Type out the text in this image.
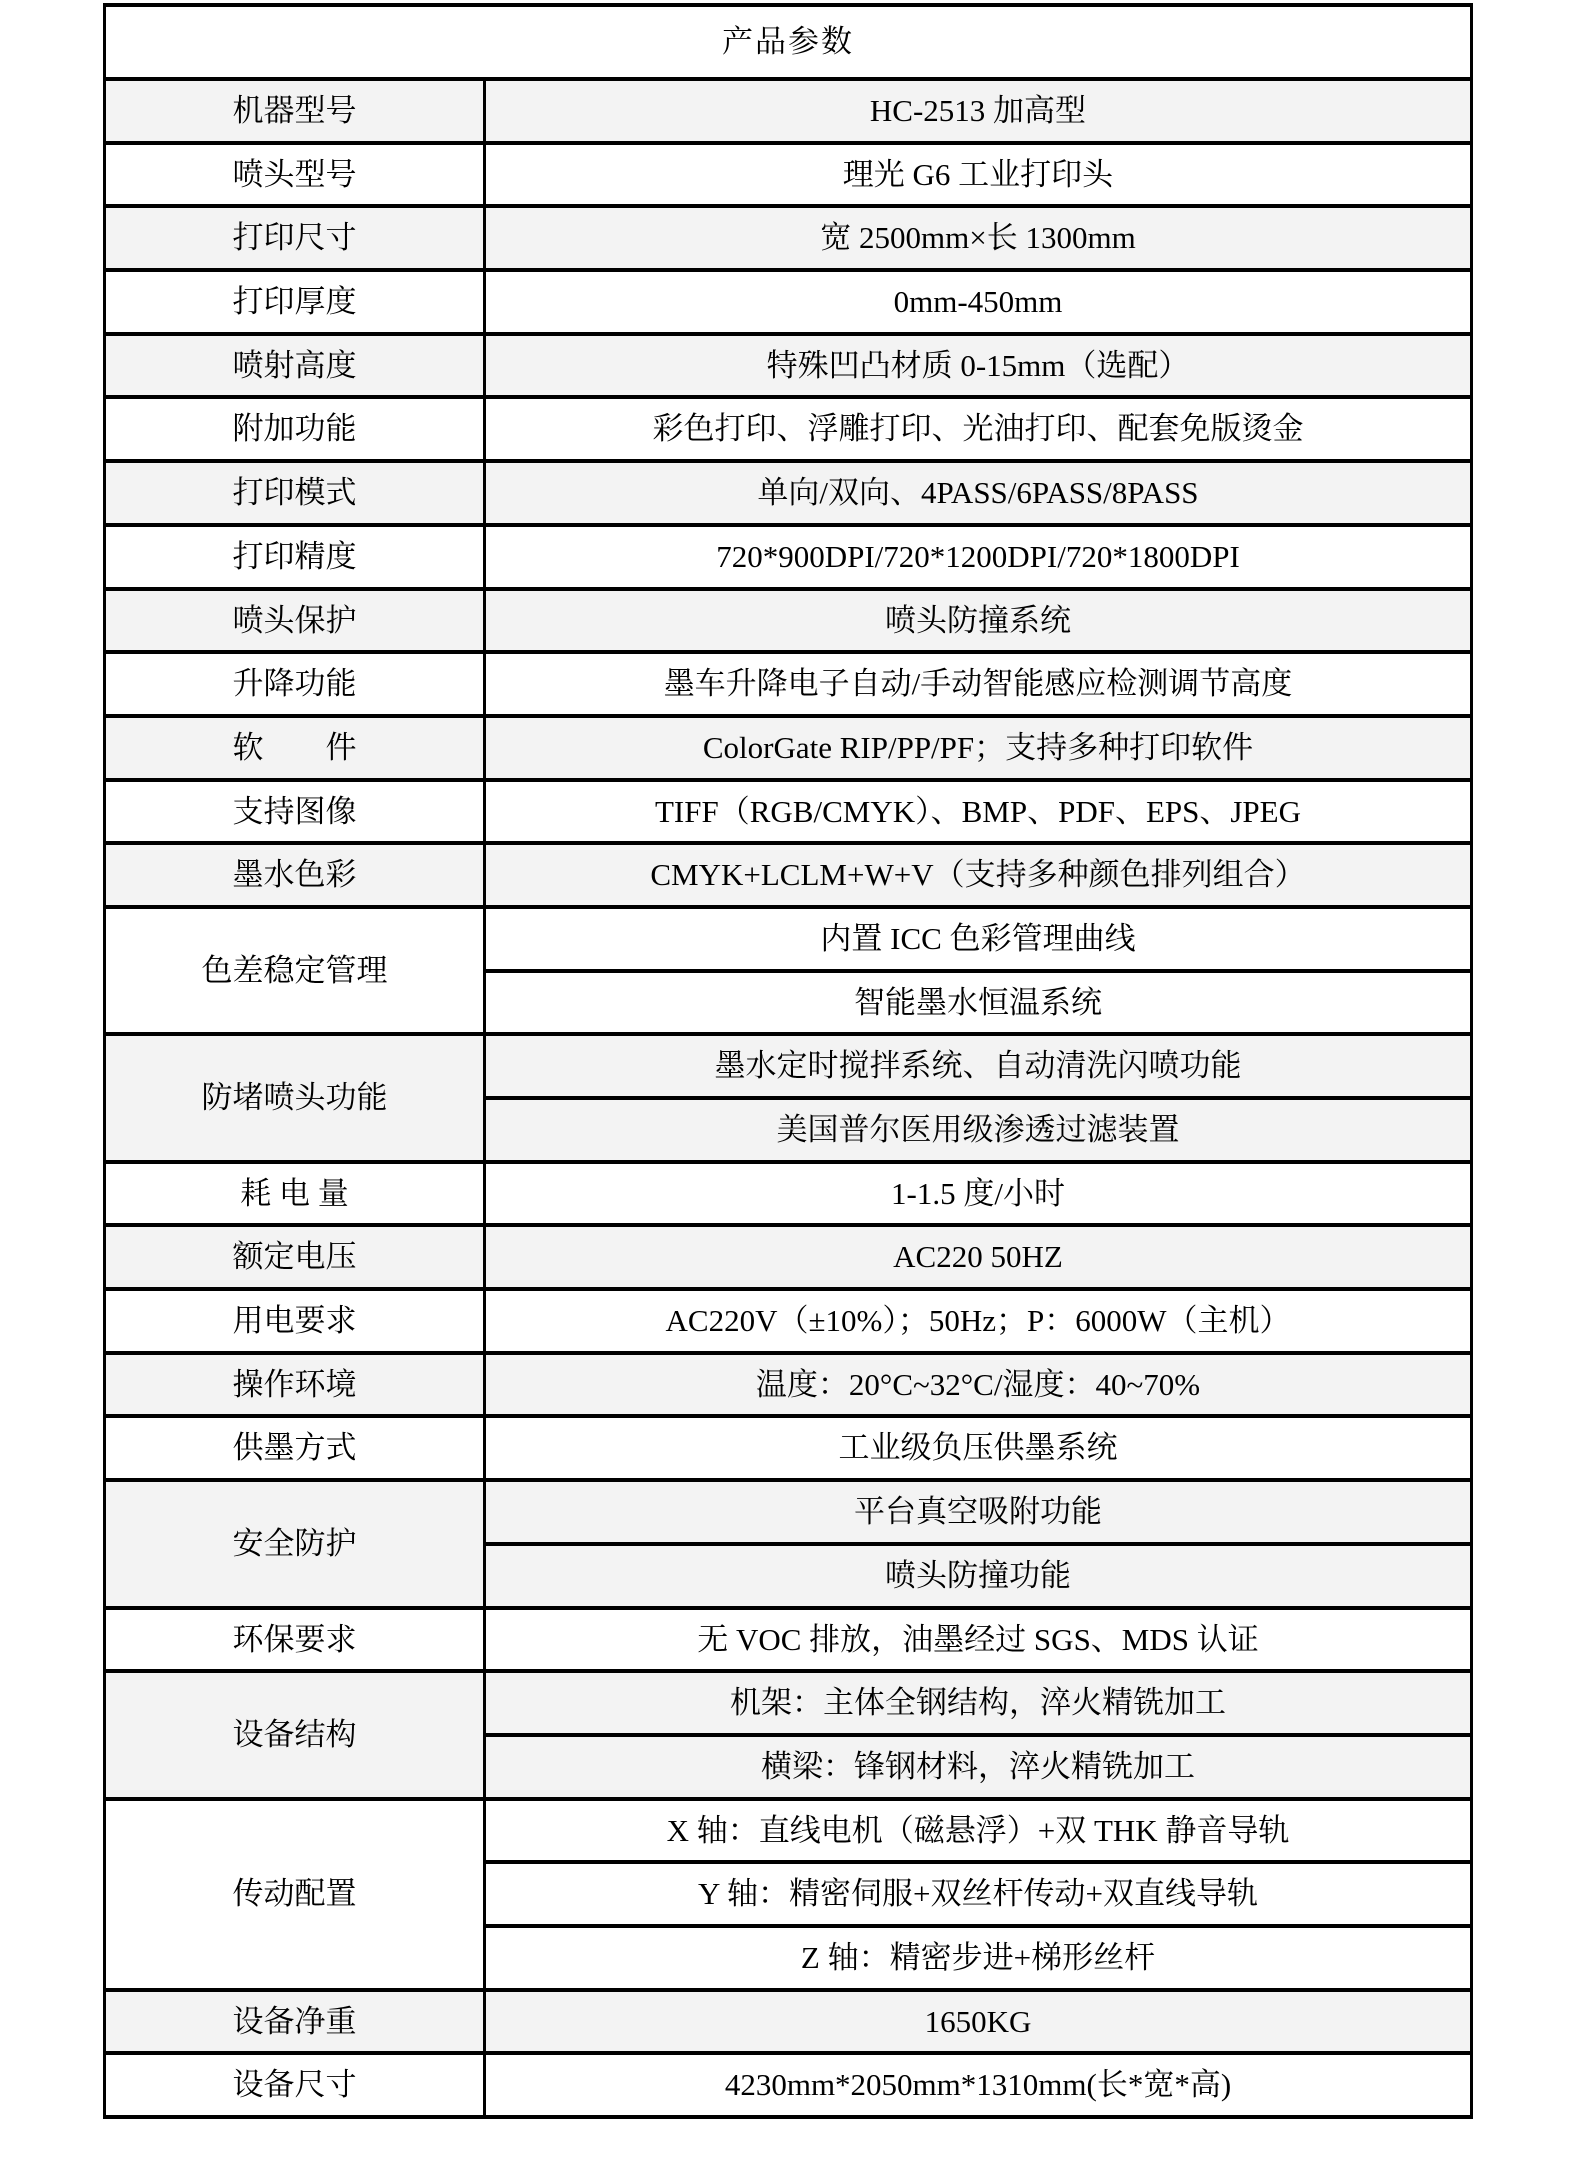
产品参数	
机器型号	HC-2513 加高型
喷头型号	理光 G6 工业打印头
打印尺寸	宽 2500mm×长 1300mm
打印厚度	0mm-450mm
喷射高度	特殊凹凸材质 0-15mm（选配）
附加功能	彩色打印、浮雕打印、光油打印、配套免版烫金
打印模式	单向/双向、4PASS/6PASS/8PASS
打印精度	720*900DPI/720*1200DPI/720*1800DPI
喷头保护	喷头防撞系统
升降功能	墨车升降电子自动/手动智能感应检测调节高度
软　　件	ColorGate RIP/PP/PF；支持多种打印软件
支持图像	TIFF（RGB/CMYK）、BMP、PDF、EPS、JPEG
墨水色彩	CMYK+LCLM+W+V（支持多种颜色排列组合）
色差稳定管理	内置 ICC 色彩管理曲线
	智能墨水恒温系统
防堵喷头功能	墨水定时搅拌系统、自动清洗闪喷功能
	美国普尔医用级渗透过滤装置
耗 电 量	1-1.5 度/小时
额定电压	AC220 50HZ
用电要求	AC220V（±10%）；50Hz；P：6000W（主机）
操作环境	温度：20°C~32°C/湿度：40~70%
供墨方式	工业级负压供墨系统
安全防护	平台真空吸附功能
	喷头防撞功能
环保要求	无 VOC 排放，油墨经过 SGS、MDS 认证
设备结构	机架：主体全钢结构，淬火精铣加工
	横梁：锋钢材料，淬火精铣加工
传动配置	X 轴：直线电机（磁悬浮）+双 THK 静音导轨
	Y 轴：精密伺服+双丝杆传动+双直线导轨
	Z 轴：精密步进+梯形丝杆
设备净重	1650KG
设备尺寸	4230mm*2050mm*1310mm(长*宽*高)
